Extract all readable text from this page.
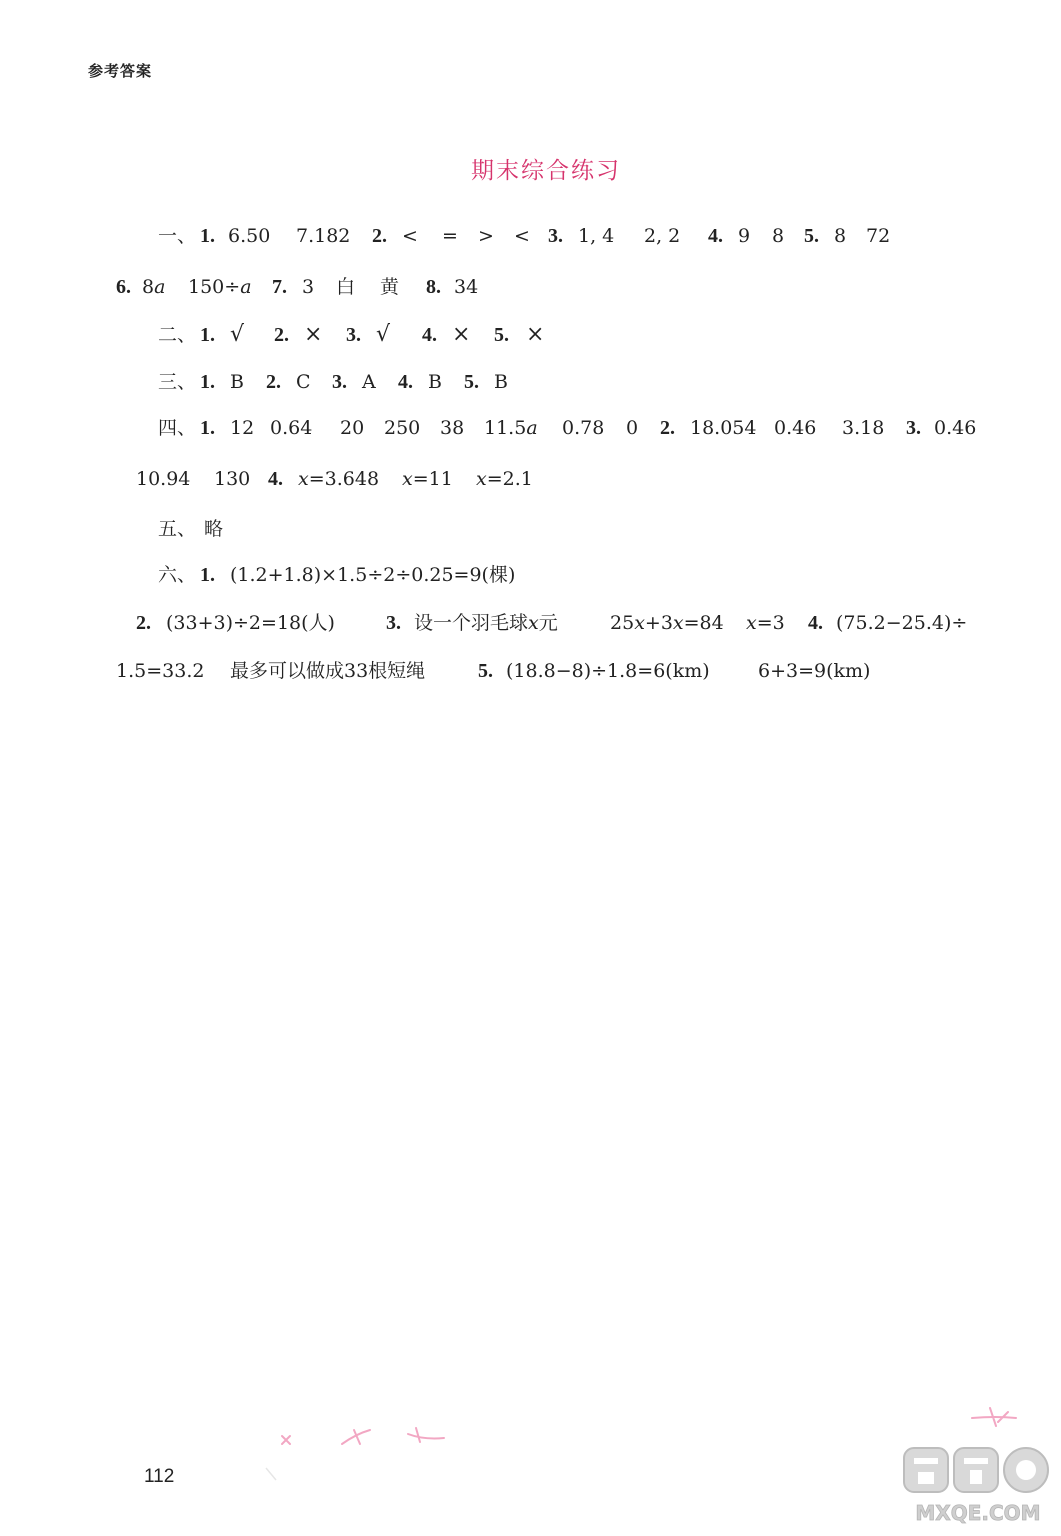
参考答案
期末综合练习
一、 1. 6.50 7.182 2. < = > < 3. 1, 4 2, 2 4. 9 8 5. 8 72
6. 8a 150÷a 7. 3 白 黄 8. 34
二、 1. √ 2. × 3. √ 4. × 5. ×
三、 1. B 2. C 3. A 4. B 5. B
四、 1. 12 0.64 20 250 38 11.5a 0.78 0 2. 18.054 0.46 3.18 3. 0.46
10.94 130 4. x=3.648 x=11 x=2.1
五、 略
六、 1. (1.2+1.8)×1.5÷2÷0.25=9(棵)
2. (33+3)÷2=18(人)	3. 设一个羽毛球x元	25x+3x=84 x=3 4. (75.2−25.4)÷
1.5=33.2 最多可以做成33根短绳	5. (18.8−8)÷1.8=6(km)	6+3=9(km)
112
MXQE.COM
